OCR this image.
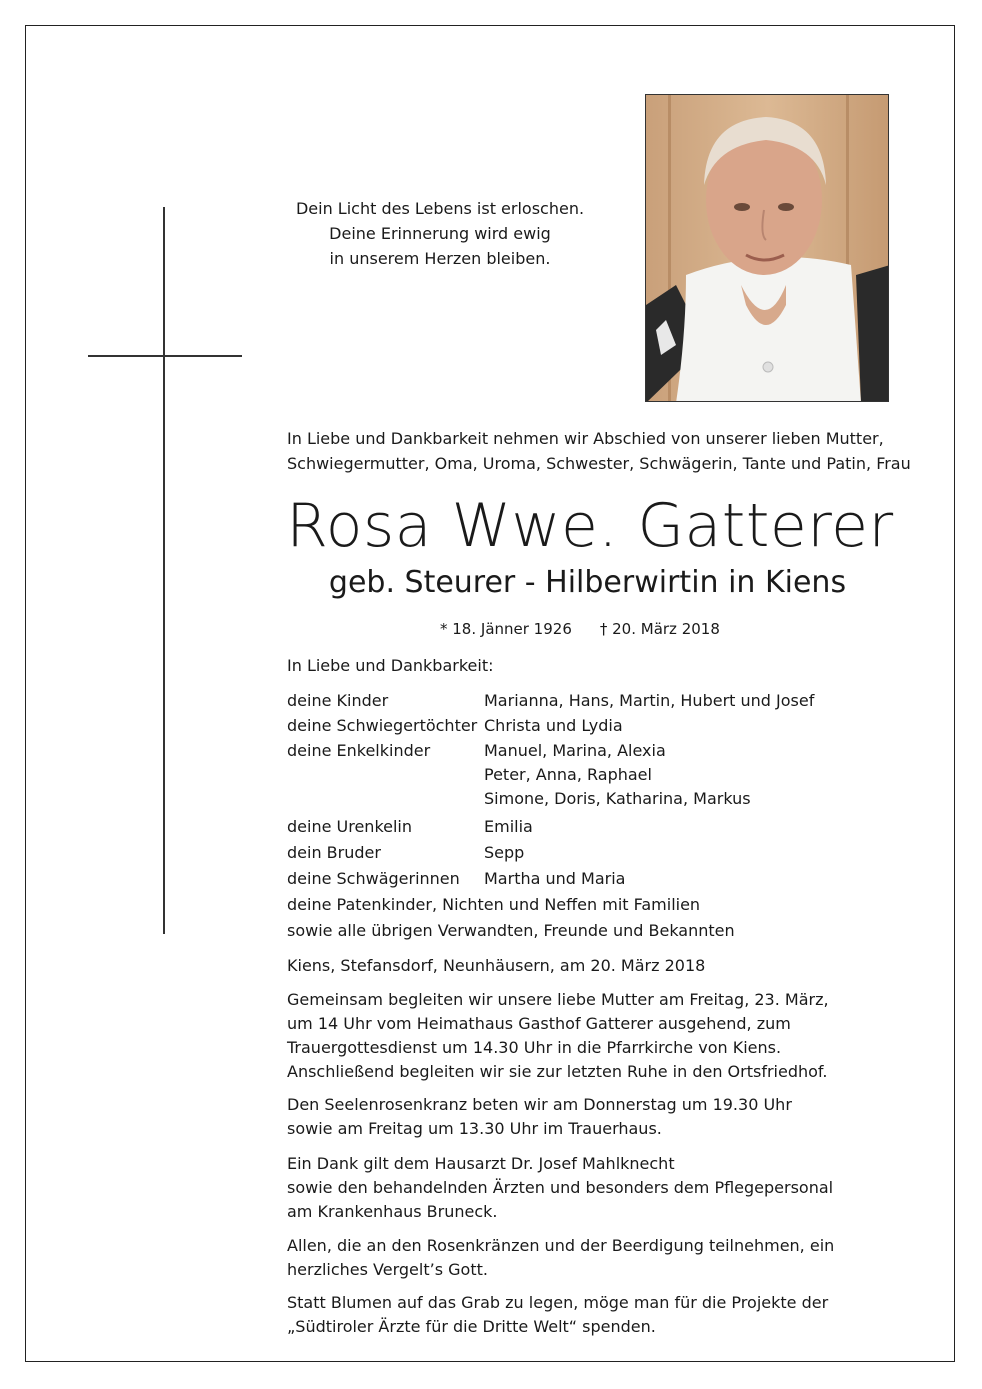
Dein Licht des Lebens ist erloschen.
Deine Erinnerung wird ewig
in unserem Herzen bleiben.
In Liebe und Dankbarkeit nehmen wir Abschied von unserer lieben Mutter,
Schwiegermutter, Oma, Uroma, Schwester, Schwägerin, Tante und Patin, Frau
Rosa Wwe. Gatterer
geb. Steurer - Hilberwirtin in Kiens
* 18. Jänner 1926 † 20. März 2018
In Liebe und Dankbarkeit:
deine Kinder	Marianna, Hans, Martin, Hubert und Josef
deine Schwiegertöchter Christa und Lydia
deine Enkelkinder	Manuel, Marina, Alexia
Peter, Anna, Raphael
Simone, Doris, Katharina, Markus
deine Urenkelin	Emilia
dein Bruder	Sepp
deine Schwägerinnen Martha und Maria
deine Patenkinder, Nichten und Neffen mit Familien
sowie alle übrigen Verwandten, Freunde und Bekannten
Kiens, Stefansdorf, Neunhäusern, am 20. März 2018
Gemeinsam begleiten wir unsere liebe Mutter am Freitag, 23. März,
um 14 Uhr vom Heimathaus Gasthof Gatterer ausgehend, zum
Trauergottesdienst um 14.30 Uhr in die Pfarrkirche von Kiens.
Anschließend begleiten wir sie zur letzten Ruhe in den Ortsfriedhof.
Den Seelenrosenkranz beten wir am Donnerstag um 19.30 Uhr
sowie am Freitag um 13.30 Uhr im Trauerhaus.
Ein Dank gilt dem Hausarzt Dr. Josef Mahlknecht
sowie den behandelnden Ärzten und besonders dem Pflegepersonal
am Krankenhaus Bruneck.
Allen, die an den Rosenkränzen und der Beerdigung teilnehmen, ein
herzliches Vergelt’s Gott.
Statt Blumen auf das Grab zu legen, möge man für die Projekte der
„Südtiroler Ärzte für die Dritte Welt“ spenden.
